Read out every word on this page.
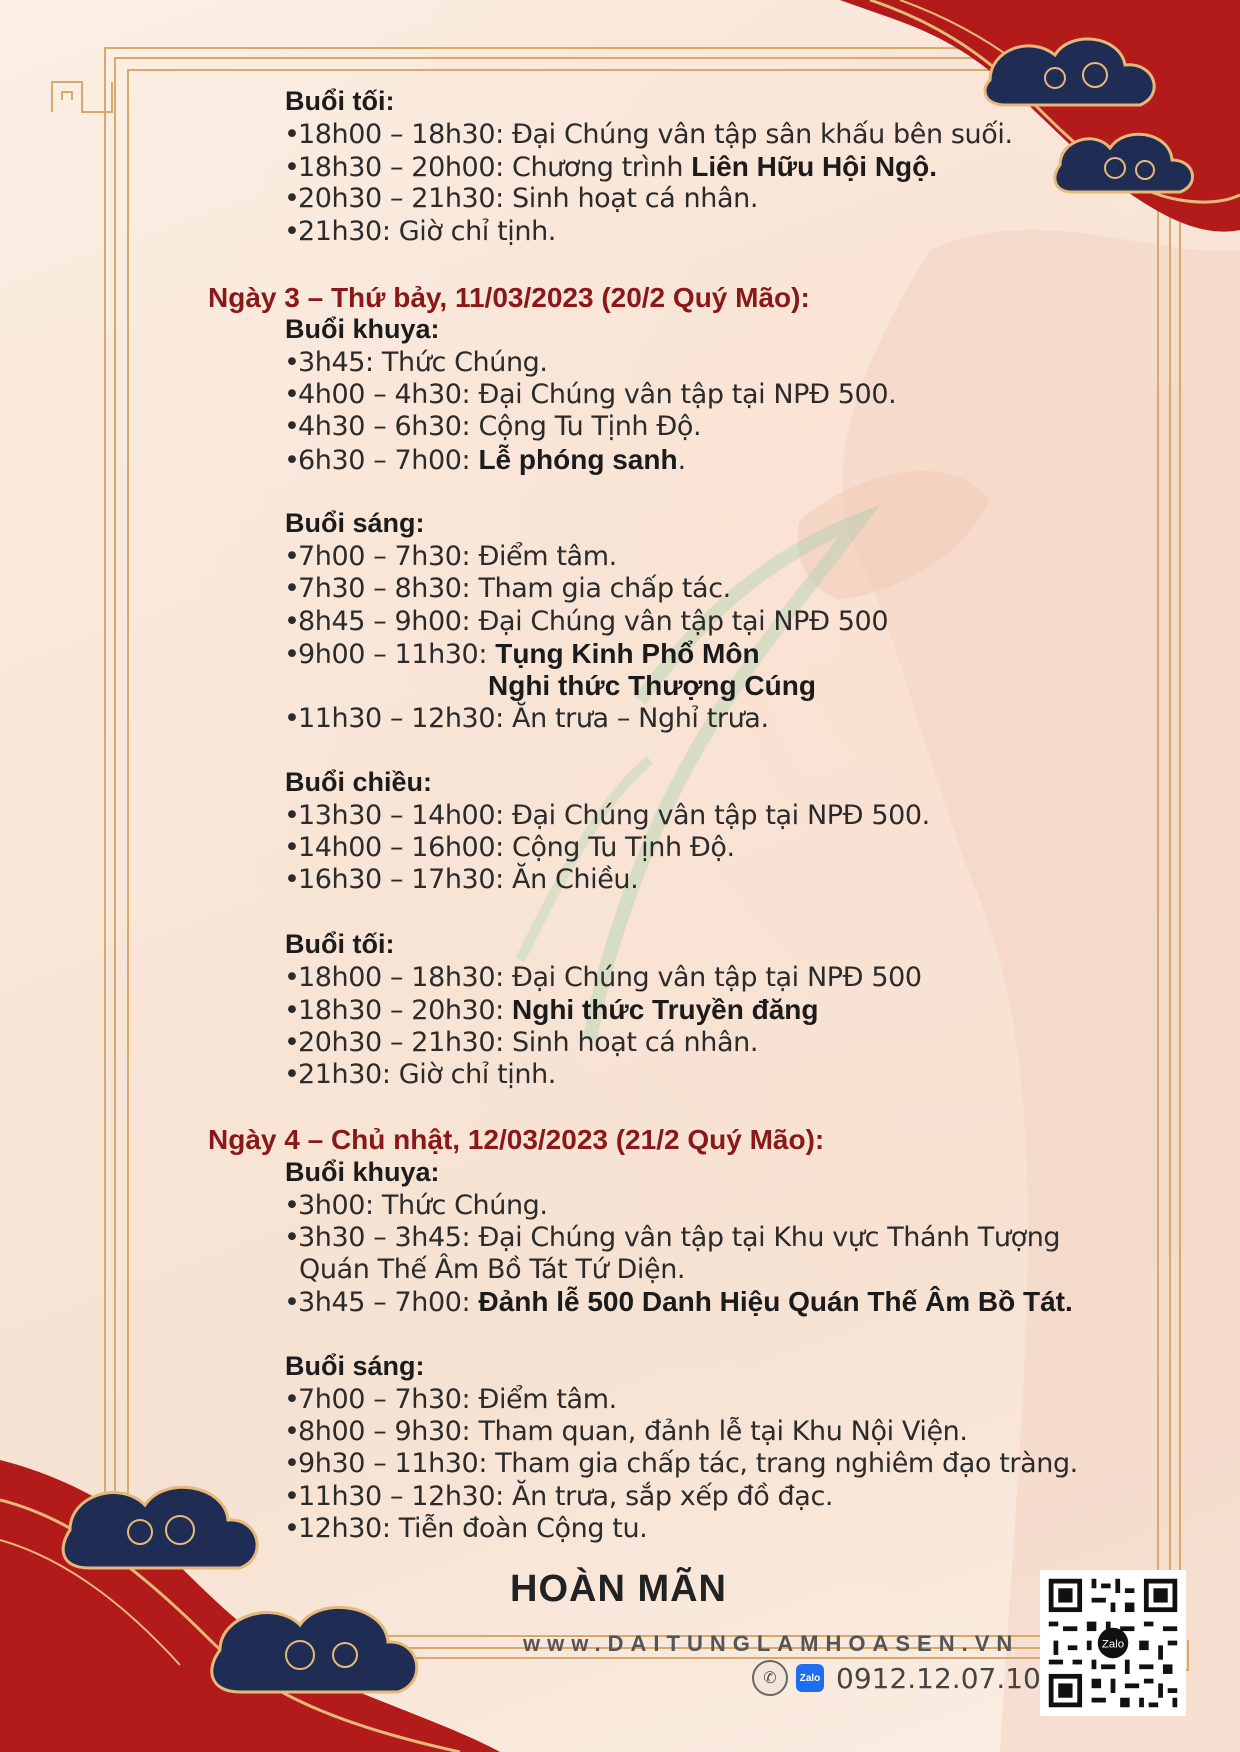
Buổi tối:
•18h00 – 18h30: Đại Chúng vân tập sân khấu bên suối.
•18h30 – 20h00: Chương trình Liên Hữu Hội Ngộ.
•20h30 – 21h30: Sinh hoạt cá nhân.
•21h30: Giờ chỉ tịnh.
Ngày 3 – Thứ bảy, 11/03/2023 (20/2 Quý Mão):
Buổi khuya:
•3h45: Thức Chúng.
•4h00 – 4h30: Đại Chúng vân tập tại NPĐ 500.
•4h30 – 6h30: Cộng Tu Tịnh Độ.
•6h30 – 7h00: Lễ phóng sanh.
Buổi sáng:
•7h00 – 7h30: Điểm tâm.
•7h30 – 8h30: Tham gia chấp tác.
•8h45 – 9h00: Đại Chúng vân tập tại NPĐ 500
•9h00 – 11h30: Tụng Kinh Phổ Môn
Nghi thức Thượng Cúng
•11h30 – 12h30: Ăn trưa – Nghỉ trưa.
Buổi chiều:
•13h30 – 14h00: Đại Chúng vân tập tại NPĐ 500.
•14h00 – 16h00: Cộng Tu Tịnh Độ.
•16h30 – 17h30: Ăn Chiều.
Buổi tối:
•18h00 – 18h30: Đại Chúng vân tập tại NPĐ 500
•18h30 – 20h30: Nghi thức Truyền đăng
•20h30 – 21h30: Sinh hoạt cá nhân.
•21h30: Giờ chỉ tịnh.
Ngày 4 – Chủ nhật, 12/03/2023 (21/2 Quý Mão):
Buổi khuya:
•3h00: Thức Chúng.
•3h30 – 3h45: Đại Chúng vân tập tại Khu vực Thánh Tượng
Quán Thế Âm Bồ Tát Tứ Diện.
•3h45 – 7h00: Đảnh lễ 500 Danh Hiệu Quán Thế Âm Bồ Tát.
Buổi sáng:
•7h00 – 7h30: Điểm tâm.
•8h00 – 9h30: Tham quan, đảnh lễ tại Khu Nội Viện.
•9h30 – 11h30: Tham gia chấp tác, trang nghiêm đạo tràng.
•11h30 – 12h30: Ăn trưa, sắp xếp đồ đạc.
•12h30: Tiễn đoàn Cộng tu.
HOÀN MÃN
www.DAITUNGLAMHOASEN.VN
✆	Zalo 0912.12.07.10
Zalo
